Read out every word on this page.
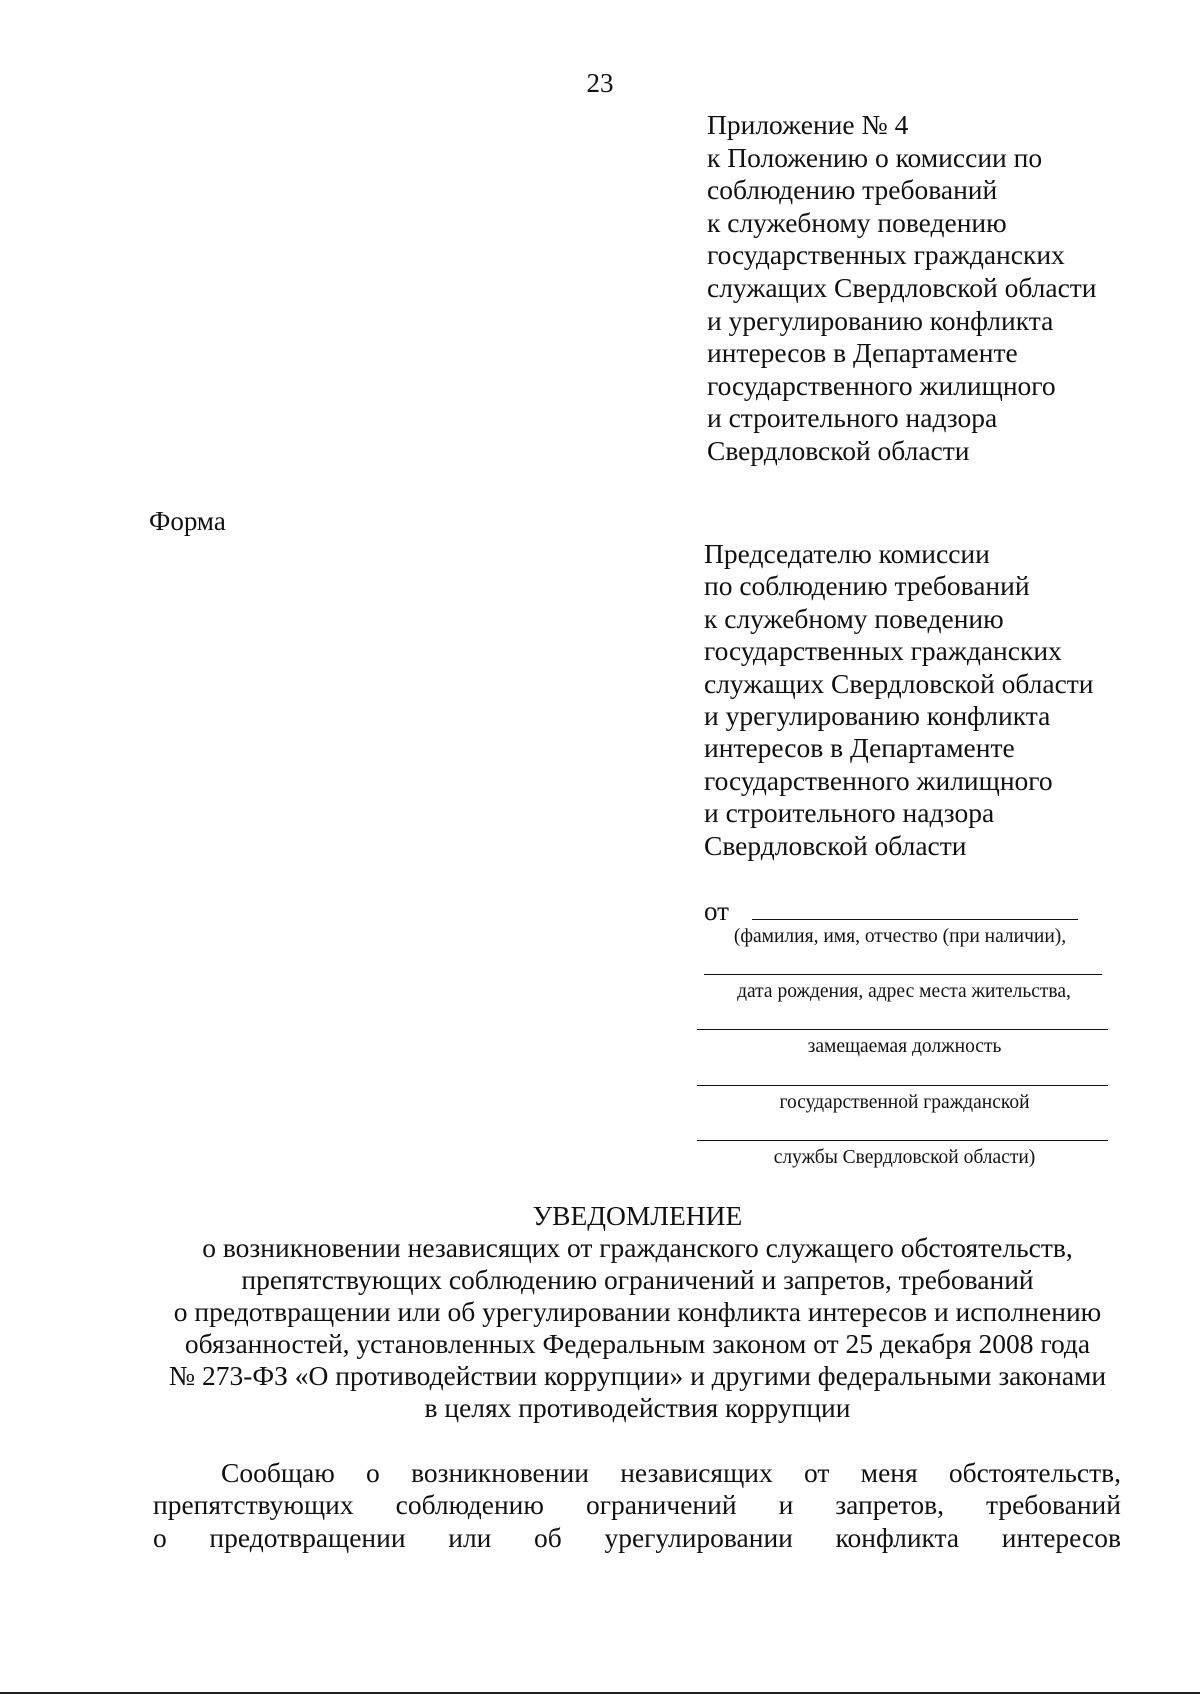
23
Приложение № 4
к Положению о комиссии по
соблюдению требований
к служебному поведению
государственных гражданских
служащих Свердловской области
и урегулированию конфликта
интересов в Департаменте
государственного жилищного
и строительного надзора
Свердловской области
Форма
Председателю комиссии
по соблюдению требований
к служебному поведению
государственных гражданских
служащих Свердловской области
и урегулированию конфликта
интересов в Департаменте
государственного жилищного
и строительного надзора
Свердловской области
от
(фамилия, имя, отчество (при наличии),
дата рождения, адрес места жительства,
замещаемая должность
государственной гражданской
службы Свердловской области)
УВЕДОМЛЕНИЕ
о возникновении независящих от гражданского служащего обстоятельств,
препятствующих соблюдению ограничений и запретов, требований
о предотвращении или об урегулировании конфликта интересов и исполнению
обязанностей, установленных Федеральным законом от 25 декабря 2008 года
№ 273-ФЗ «О противодействии коррупции» и другими федеральными законами
в целях противодействия коррупции
Сообщаю о возникновении независящих от меня обстоятельств,
препятствующих соблюдению ограничений и запретов, требований
о предотвращении или об урегулировании конфликта интересов
